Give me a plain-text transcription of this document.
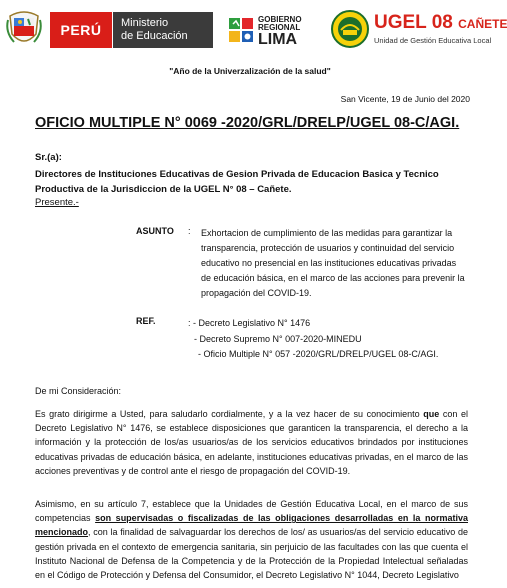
PERÚ	Ministerio
de Educación
GOBIERNO REGIONAL
LIMA
UGEL 08 CAÑETE
Unidad de Gestión Educativa Local
"Año de la Univerzalización de la salud"
San Vicente, 19 de Junio del 2020
OFICIO MULTIPLE N° 0069 -2020/GRL/DRELP/UGEL 08-C/AGI.
Sr.(a):
Directores de Instituciones Educativas de Gesion Privada de Educacion Basica y Tecnico
Productiva de la Jurisdiccion de la UGEL N° 08 – Cañete.
Presente.-
ASUNTO : Exhortacion de cumplimiento de las medidas para garantizar la
transparencia, protección de usuarios y continuidad del servicio
educativo no presencial en las instituciones educativas privadas
de educación básica, en el marco de las acciones para prevenir la
propagación del COVID-19.
REF.	: - Decreto Legislativo N° 1476
- Decreto Supremo N° 007-2020-MINEDU
- Oficio Multiple N° 057 -2020/GRL/DRELP/UGEL 08-C/AGI.
De mi Consideración:
Es grato dirigirme a Usted, para saludarlo cordialmente, y a la vez hacer de su conocimiento que con el Decreto Legislativo N° 1476, se establece disposiciones que garanticen la transparencia, el derecho a la información y la protección de los/as usuarios/as de los servicios educativos brindados por instituciones educativas privadas de educación básica, en adelante, instituciones educativas privadas, en el marco de las acciones preventivas y de control ante el riesgo de propagación del COVID-19.
Asimismo, en su artículo 7, establece que la Unidades de Gestión Educativa Local, en el marco de sus competencias son supervisadas o fiscalizadas de las obligaciones desarrolladas en la normativa mencionado, con la finalidad de salvaguardar los derechos de los/ as usuarios/as del servicio educativo de gestión privada en el contexto de emergencia sanitaria, sin perjuicio de las facultades con las que cuenta el Instituto Nacional de Defensa de la Competencia y de la Protección de la Propiedad Intelectual señaladas en el Código de Protección y Defensa del Consumidor, el Decreto Legislativo N° 1044, Decreto Legislativo
